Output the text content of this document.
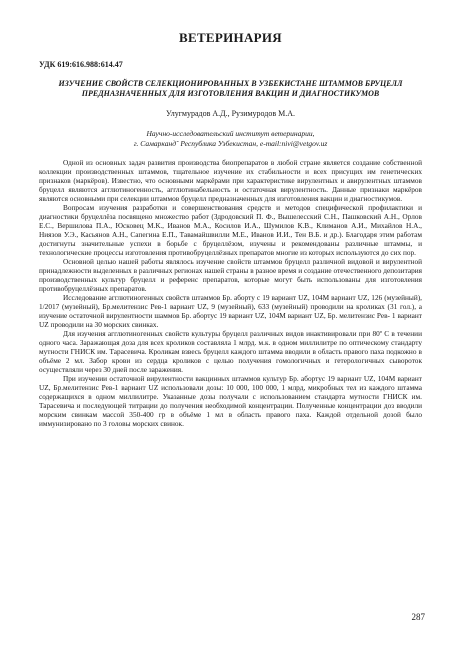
ВЕТЕРИНАРИЯ
УДК 619:616.988:614.47
ИЗУЧЕНИЕ СВОЙСТВ СЕЛЕКЦИОНИРОВАННЫХ В УЗБЕКИСТАНЕ ШТАММОВ БРУЦЕЛЛ ПРЕДНАЗНАЧЕННЫХ ДЛЯ ИЗГОТОВЛЕНИЯ ВАКЦИН И ДИАГНОСТИКУМОВ
Улугмурадов А.Д., Рузимуродов М.А.
Научно-исследовательский институт ветеринарии,
г. Самаркандˇ Республика Узбекистан, e-mail:nivi@vetgov.uz

Одной из основных задач развития производства биопрепаратов в любой стране является создание собственной коллекции производственных штаммов, тщательное изучение их стабильности и всех присущих им генетических признаков (маркёров). Известно, что основными маркёрами при характеристике вирулентных и авирулентных штаммов бруцелл являются агглютиногенность, агглютинабельность и остаточная вирулентность. Данные признаки маркёров являются основными при селекции штаммов бруцелл предназначенных для изготовления вакцин и диагностикумов.

Вопросам изучения разработки и совершенствования средств и методов специфической профилактики и диагностики бруцеллёза посвящено множество работ (Здродовский П. Ф., Вышелесский С.Н., Пашковский А.Н., Орлов Е.С., Вершилова П.А., Юсковец М.К., Иванов М.А., Косилов И.А., Шумилов К.В., Климанов А.И., Михайлов Н.А., Ниязов У.Э., Касьянов А.Н., Сапегина Е.П., Тавамайшвилли М.Е., Иванов И.И., Тен В.Б. и др.). Благодаря этим работам достигнуты значительные успехи в борьбе с бруцеллёзом, изучены и рекомендованы различные штаммы, и технологические процессы изготовления противобруцеллёзных препаратов многие из которых используются до сих пор.

Основной целью нашей работы являлось изучение свойств штаммов бруцелл различной видовой и вирулентной принадлежности выделенных в различных регионах нашей страны в разное время и создание отечественного депозитария производственных культур бруцелл и референс препаратов, которые могут быть использованы для изготовления противобруцеллёзных препаратов.

Исследование агглютиногенных свойств штаммов Бр. аборту с 19 вариант UZ, 104M вариант UZ, 126 (музейный), 1/2017 (музейный), Бр.мелитензис Рев-1 вариант UZ, 9 (музейный), 633 (музейный) проводили на кроликах (31 гол.), а изучение остаточной вирулентности шаммов Бр. абортус 19 вариант UZ, 104M вариант UZ, Бр. мелитензис Рев- 1 вариант UZ проводили на 30 морских свинках.

Для изучения агглютиногенных свойств культуры бруцелл различных видов инактивировали при 80º С в течении одного часа. Заражающая доза для всех кроликов составляла 1 млрд. м.к. в одном миллилитре по оптическому стандарту мутности ГНИСК им. Тарасевича. Кроликам взвесь бруцелл каждого штамма вводили в область правого паха подкожно в объёме 2 мл. Забор крови из сердца кроликов с целью получения гомологичных и гетерологичных сывороток осуществляли через 30 дней после заражения.

При изучении остаточной вирулентности вакцинных штаммов культур Бр. абортус 19 вариант UZ, 104M вариант UZ, Бр.мелитензис Рев-1 вариант UZ использовали дозы: 10 000, 100 000, 1 млрд, микробных тел из каждого штамма содержащихся в одном миллилитре. Указанные дозы получали с использованием стандарта мутности ГНИСК им. Тарасевича и последующей титрации до получения необходимой концентрации. Полученные концентрации доз вводили морским свинкам массой 350-400 гр в объёме 1 мл в область правого паха. Каждой отдельной дозой было иммунизировано по 3 головы морских свинок.

287
